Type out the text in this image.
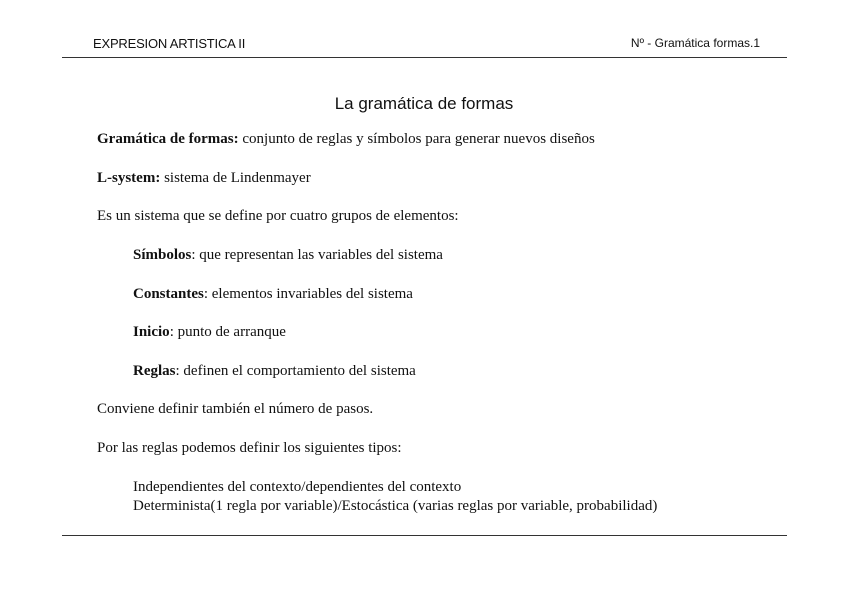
EXPRESION ARTISTICA II	Nº - Gramática formas.1
La gramática de formas
Gramática de formas: conjunto de reglas y símbolos para generar nuevos diseños
L-system: sistema de Lindenmayer
Es un sistema que se define por cuatro grupos de elementos:
Símbolos: que representan las variables del sistema
Constantes: elementos invariables del sistema
Inicio: punto de arranque
Reglas: definen el comportamiento del sistema
Conviene definir también el número de pasos.
Por las reglas podemos definir los siguientes tipos:
Independientes del contexto/dependientes del contexto
Determinista(1 regla por variable)/Estocástica (varias reglas por variable, probabilidad)
